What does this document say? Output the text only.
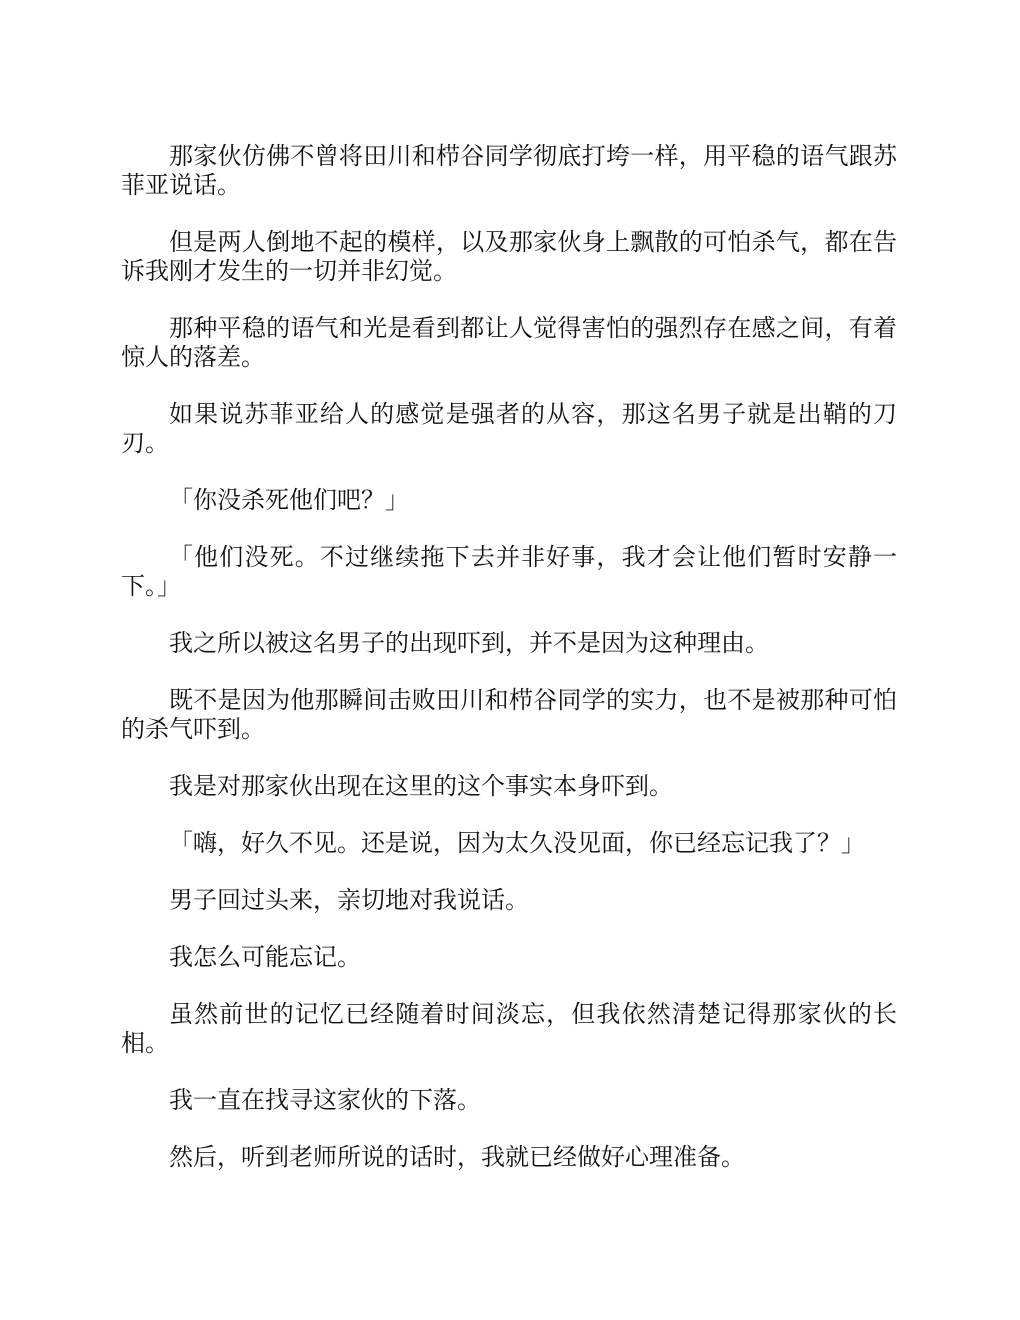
那家伙仿佛不曾将田川和栉谷同学彻底打垮一样，用平稳的语气跟苏菲亚说话。

但是两人倒地不起的模样，以及那家伙身上飘散的可怕杀气，都在告诉我刚才发生的一切并非幻觉。

那种平稳的语气和光是看到都让人觉得害怕的强烈存在感之间，有着惊人的落差。

如果说苏菲亚给人的感觉是强者的从容，那这名男子就是出鞘的刀刃。

「你没杀死他们吧？」

「他们没死。不过继续拖下去并非好事，我才会让他们暂时安静一下。」

我之所以被这名男子的出现吓到，并不是因为这种理由。

既不是因为他那瞬间击败田川和栉谷同学的实力，也不是被那种可怕的杀气吓到。

我是对那家伙出现在这里的这个事实本身吓到。

「嗨，好久不见。还是说，因为太久没见面，你已经忘记我了？」

男子回过头来，亲切地对我说话。

我怎么可能忘记。

虽然前世的记忆已经随着时间淡忘，但我依然清楚记得那家伙的长相。

我一直在找寻这家伙的下落。

然后，听到老师所说的话时，我就已经做好心理准备。
